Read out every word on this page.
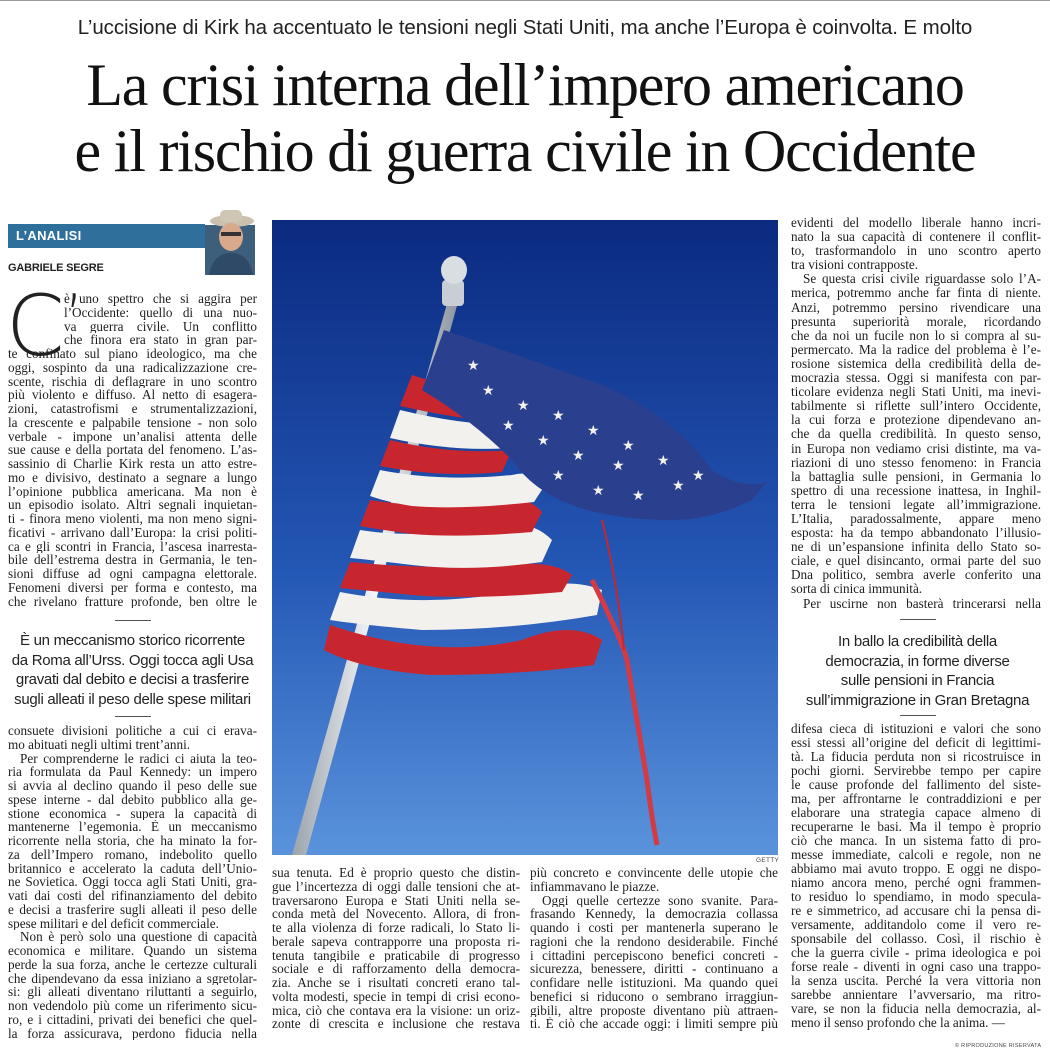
L’uccisione di Kirk ha accentuato le tensioni negli Stati Uniti, ma anche l’Europa è coinvolta. E molto
La crisi interna dell’impero americano
e il rischio di guerra civile in Occidente
L’ANALISI
GABRIELE SEGRE
C’
è uno spettro che si aggira per
l’Occidente: quello di una nuo-
va guerra civile. Un conflitto
che finora era stato in gran par-
te confinato sul piano ideologico, ma che
oggi, sospinto da una radicalizzazione cre-
scente, rischia di deflagrare in uno scontro
più violento e diffuso. Al netto di esagera-
zioni, catastrofismi e strumentalizzazioni,
la crescente e palpabile tensione - non solo
verbale - impone un’analisi attenta delle
sue cause e della portata del fenomeno. L’as-
sassinio di Charlie Kirk resta un atto estre-
mo e divisivo, destinato a segnare a lungo
l’opinione pubblica americana. Ma non è
un episodio isolato. Altri segnali inquietan-
ti - finora meno violenti, ma non meno signi-
ficativi - arrivano dall’Europa: la crisi politi-
ca e gli scontri in Francia, l’ascesa inarresta-
bile dell’estrema destra in Germania, le ten-
sioni diffuse ad ogni campagna elettorale.
Fenomeni diversi per forma e contesto, ma
che rivelano fratture profonde, ben oltre le
consuete divisioni politiche a cui ci erava-
mo abituati negli ultimi trent’anni.
Per comprenderne le radici ci aiuta la teo-
ria formulata da Paul Kennedy: un impero
si avvia al declino quando il peso delle sue
spese interne - dal debito pubblico alla ge-
stione economica - supera la capacità di
mantenerne l’egemonia. È un meccanismo
ricorrente nella storia, che ha minato la for-
za dell’Impero romano, indebolito quello
britannico e accelerato la caduta dell’Unio-
ne Sovietica. Oggi tocca agli Stati Uniti, gra-
vati dai costi del rifinanziamento del debito
e decisi a trasferire sugli alleati il peso delle
spese militari e del deficit commerciale.
Non è però solo una questione di capacità
economica e militare. Quando un sistema
perde la sua forza, anche le certezze culturali
che dipendevano da essa iniziano a sgretolar-
si: gli alleati diventano riluttanti a seguirlo,
non vedendolo più come un riferimento sicu-
ro, e i cittadini, privati dei benefici che quel-
la forza assicurava, perdono fiducia nella
sua tenuta. Ed è proprio questo che distin-
gue l’incertezza di oggi dalle tensioni che at-
traversarono Europa e Stati Uniti nella se-
conda metà del Novecento. Allora, di fron-
te alla violenza di forze radicali, lo Stato li-
berale sapeva contrapporre una proposta ri-
tenuta tangibile e praticabile di progresso
sociale e di rafforzamento della democra-
zia. Anche se i risultati concreti erano tal-
volta modesti, specie in tempi di crisi econo-
mica, ciò che contava era la visione: un oriz-
zonte di crescita e inclusione che restava
più concreto e convincente delle utopie che
infiammavano le piazze.
Oggi quelle certezze sono svanite. Para-
frasando Kennedy, la democrazia collassa
quando i costi per mantenerla superano le
ragioni che la rendono desiderabile. Finché
i cittadini percepiscono benefici concreti -
sicurezza, benessere, diritti - continuano a
confidare nelle istituzioni. Ma quando quei
benefici si riducono o sembrano irraggiun-
gibili, altre proposte diventano più attraen-
ti. È ciò che accade oggi: i limiti sempre più
evidenti del modello liberale hanno incri-
nato la sua capacità di contenere il conflit-
to, trasformandolo in uno scontro aperto
tra visioni contrapposte.
Se questa crisi civile riguardasse solo l’A-
merica, potremmo anche far finta di niente.
Anzi, potremmo persino rivendicare una
presunta superiorità morale, ricordando
che da noi un fucile non lo si compra al su-
permercato. Ma la radice del problema è l’e-
rosione sistemica della credibilità della de-
mocrazia stessa. Oggi si manifesta con par-
ticolare evidenza negli Stati Uniti, ma inevi-
tabilmente si riflette sull’intero Occidente,
la cui forza e protezione dipendevano an-
che da quella credibilità. In questo senso,
in Europa non vediamo crisi distinte, ma va-
riazioni di uno stesso fenomeno: in Francia
la battaglia sulle pensioni, in Germania lo
spettro di una recessione inattesa, in Inghil-
terra le tensioni legate all’immigrazione.
L’Italia, paradossalmente, appare meno
esposta: ha da tempo abbandonato l’illusio-
ne di un’espansione infinita dello Stato so-
ciale, e quel disincanto, ormai parte del suo
Dna politico, sembra averle conferito una
sorta di cinica immunità.
Per uscirne non basterà trincerarsi nella
difesa cieca di istituzioni e valori che sono
essi stessi all’origine del deficit di legittimi-
tà. La fiducia perduta non si ricostruisce in
pochi giorni. Servirebbe tempo per capire
le cause profonde del fallimento del siste-
ma, per affrontarne le contraddizioni e per
elaborare una strategia capace almeno di
recuperarne le basi. Ma il tempo è proprio
ciò che manca. In un sistema fatto di pro-
messe immediate, calcoli e regole, non ne
abbiamo mai avuto troppo. E oggi ne dispo-
niamo ancora meno, perché ogni frammen-
to residuo lo spendiamo, in modo specula-
re e simmetrico, ad accusare chi la pensa di-
versamente, additandolo come il vero re-
sponsabile del collasso. Così, il rischio è
che la guerra civile - prima ideologica e poi
forse reale - diventi in ogni caso una trappo-
la senza uscita. Perché la vera vittoria non
sarebbe annientare l’avversario, ma ritro-
vare, se non la fiducia nella democrazia, al-
meno il senso profondo che la anima. —
È un meccanismo storico ricorrente
da Roma all’Urss. Oggi tocca agli Usa
gravati dal debito e decisi a trasferire
sugli alleati il peso delle spese militari
In ballo la credibilità della
democrazia, in forme diverse
sulle pensioni in Francia
sull’immigrazione in Gran Bretagna
★
★
★
★
★
★
★
★
★
★ ★
★
★
★
★
★
GETTY
© RIPRODUZIONE RISERVATA
